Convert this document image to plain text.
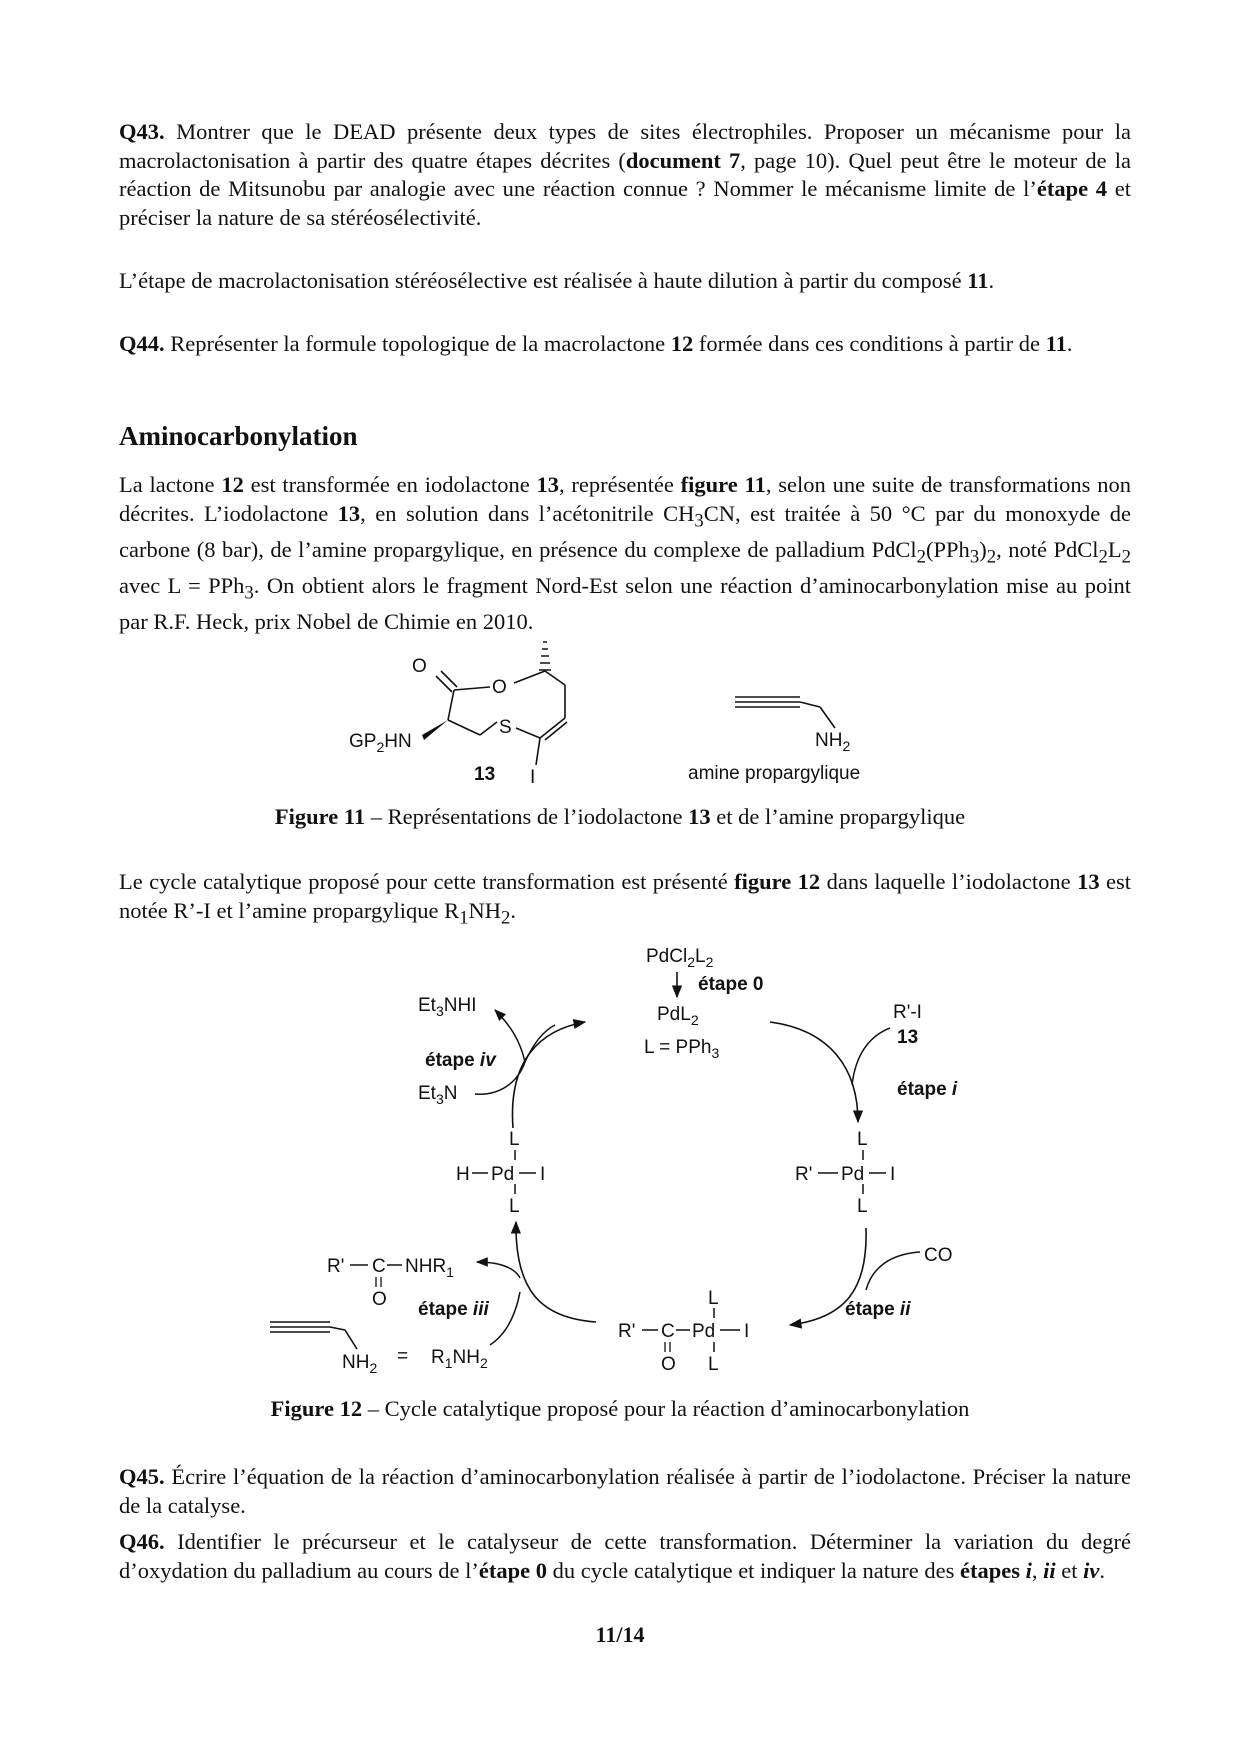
Q43. Montrer que le DEAD présente deux types de sites électrophiles. Proposer un mécanisme pour la macrolactonisation à partir des quatre étapes décrites (document 7, page 10). Quel peut être le moteur de la réaction de Mitsunobu par analogie avec une réaction connue ? Nommer le mécanisme limite de l’étape 4 et préciser la nature de sa stéréosélectivité.

L’étape de macrolactonisation stéréosélective est réalisée à haute dilution à partir du composé 11.

Q44. Représenter la formule topologique de la macrolactone 12 formée dans ces conditions à partir de 11.

Aminocarbonylation

La lactone 12 est transformée en iodolactone 13, représentée figure 11, selon une suite de transformations non décrites. L’iodolactone 13, en solution dans l’acétonitrile $CH_3CN$, est traitée à 50 °C par du monoxyde de carbone (8 bar), de l’amine propargylique, en présence du complexe de palladium $PdCl_2(PPh_3)_2$, noté $PdCl_2L_2$ avec L = PPh$_3$. On obtient alors le fragment Nord-Est selon une réaction d’aminocarbonylation mise au point par R.F. Heck, prix Nobel de Chimie en 2010.

O
O
S
$GP_2HN$
13 I
$NH_2$
amine propargylique

Figure 11 – Représentations de l’iodolactone 13 et de l’amine propargylique

Le cycle catalytique proposé pour cette transformation est présenté figure 12 dans laquelle l’iodolactone 13 est notée R’-I et l’amine propargylique $R_1NH_2$.

$PdCl_2L_2$
étape 0
PdL$_2$
L = PPh$_3$
$Et_3NHI$
étape iv
$Et_3N$
R'-I
13
étape i
L
H Pd I
L
L
R' Pd I
L
CO
étape ii
L
R' C Pd I
O L
étape iii
R' C $NHR_1$
O
$NH_2$
= $R_1NH_2$

Figure 12 – Cycle catalytique proposé pour la réaction d’aminocarbonylation

Q45. Écrire l’équation de la réaction d’aminocarbonylation réalisée à partir de l’iodolactone. Préciser la nature de la catalyse.

Q46. Identifier le précurseur et le catalyseur de cette transformation. Déterminer la variation du degré d’oxydation du palladium au cours de l’étape 0 du cycle catalytique et indiquer la nature des étapes i, ii et iv.

11/14
